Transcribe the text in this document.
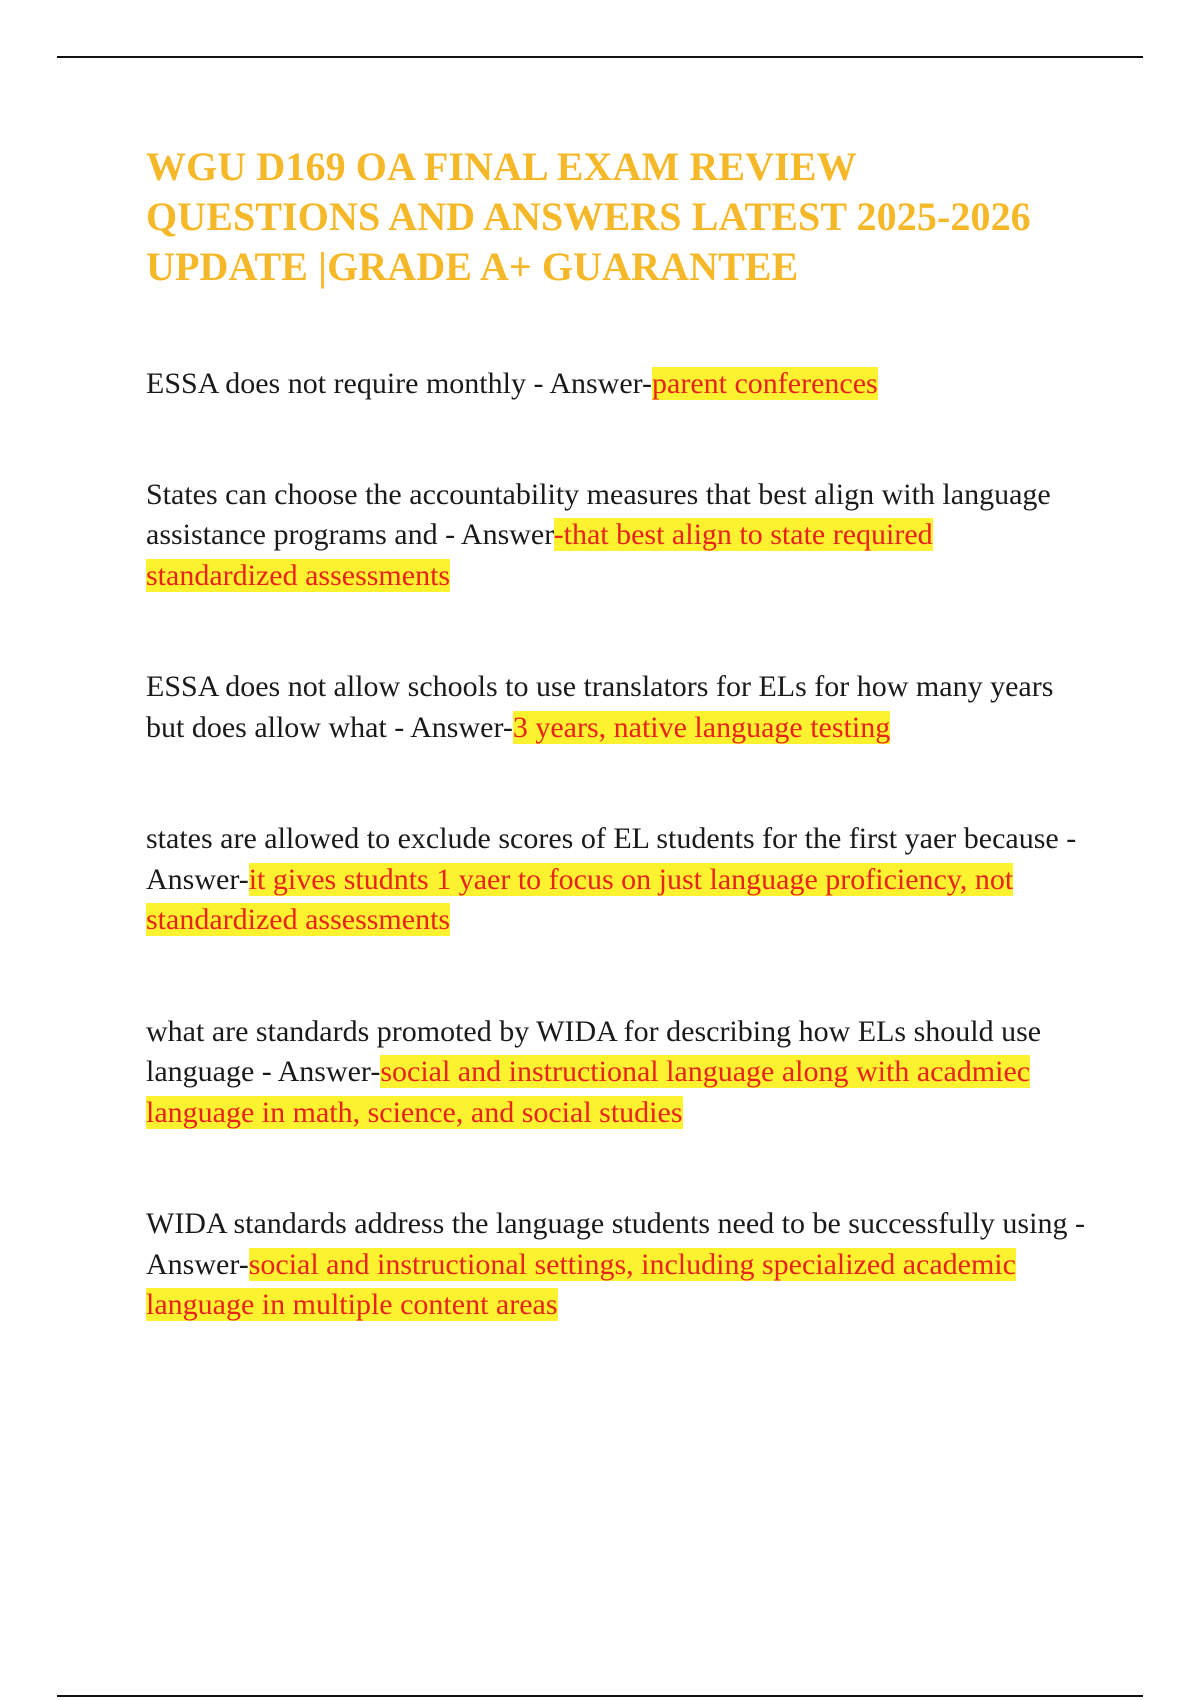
WGU D169 OA FINAL EXAM REVIEW QUESTIONS AND ANSWERS LATEST 2025-2026 UPDATE |GRADE A+ GUARANTEE

ESSA does not require monthly - Answer-parent conferences

States can choose the accountability measures that best align with language assistance programs and - Answer-that best align to state required standardized assessments

ESSA does not allow schools to use translators for ELs for how many years but does allow what - Answer-3 years, native language testing

states are allowed to exclude scores of EL students for the first yaer because - Answer-it gives studnts 1 yaer to focus on just language proficiency, not standardized assessments

what are standards promoted by WIDA for describing how ELs should use language - Answer-social and instructional language along with acadmiec language in math, science, and social studies

WIDA standards address the language students need to be successfully using - Answer-social and instructional settings, including specialized academic language in multiple content areas
